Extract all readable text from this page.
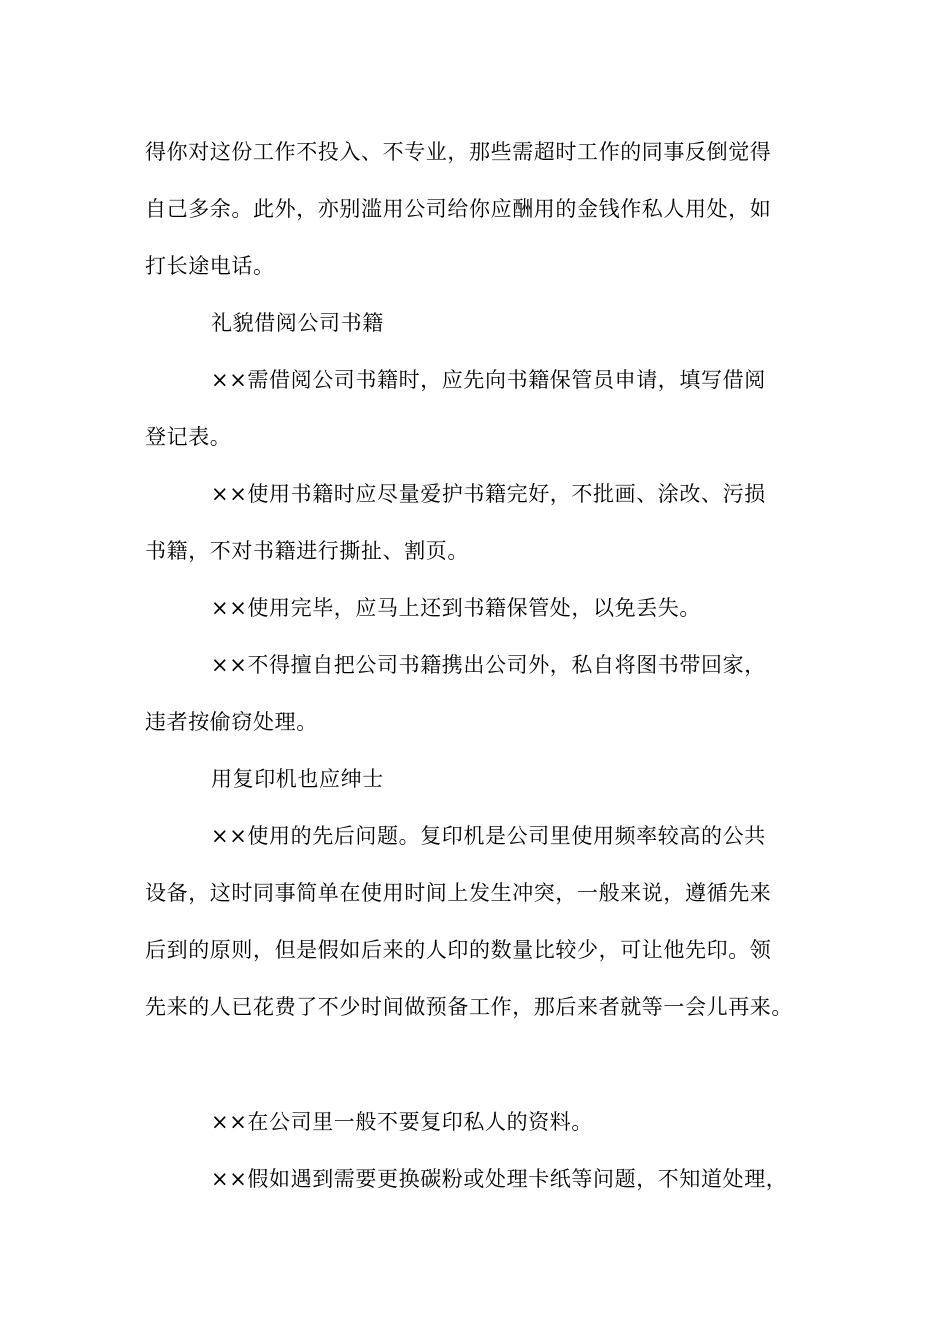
得你对这份工作不投入、不专业，那些需超时工作的同事反倒觉得
自己多余。此外，亦别滥用公司给你应酬用的金钱作私人用处，如
打长途电话。
礼貌借阅公司书籍
××需借阅公司书籍时，应先向书籍保管员申请，填写借阅
登记表。
××使用书籍时应尽量爱护书籍完好，不批画、涂改、污损
书籍，不对书籍进行撕扯、割页。
××使用完毕，应马上还到书籍保管处，以免丢失。
××不得擅自把公司书籍携出公司外，私自将图书带回家，
违者按偷窃处理。
用复印机也应绅士
××使用的先后问题。复印机是公司里使用频率较高的公共
设备，这时同事简单在使用时间上发生冲突，一般来说，遵循先来
后到的原则，但是假如后来的人印的数量比较少，可让他先印。领
先来的人已花费了不少时间做预备工作，那后来者就等一会儿再来。
××在公司里一般不要复印私人的资料。
××假如遇到需要更换碳粉或处理卡纸等问题，不知道处理，
